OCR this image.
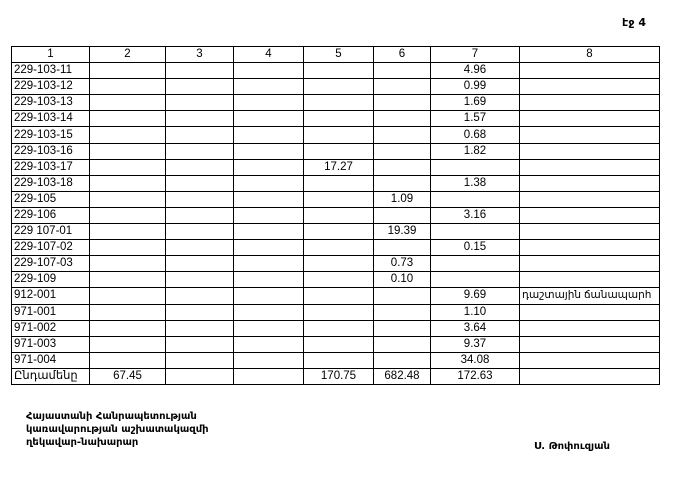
էջ 4
1	2	3	4	5	6	7	8
229-103-11						4.96	
229-103-12						0.99	
229-103-13						1.69	
229-103-14						1.57	
229-103-15						0.68	
229-103-16						1.82	
229-103-17				17.27			
229-103-18						1.38	
229-105					1.09		
229-106						3.16	
229 107-01					19.39		
229-107-02						0.15	
229-107-03					0.73		
229-109					0.10		
912-001						9.69	դաշտային ճանապարհ
971-001						1.10	
971-002						3.64	
971-003						9.37	
971-004						34.08	
Ընդամենը	67.45			170.75	682.48	172.63	
Հայաստանի Հանրապետության
կառավարության աշխատակազմի
ղեկավար-նախարար	Ս. Թոփուզյան
